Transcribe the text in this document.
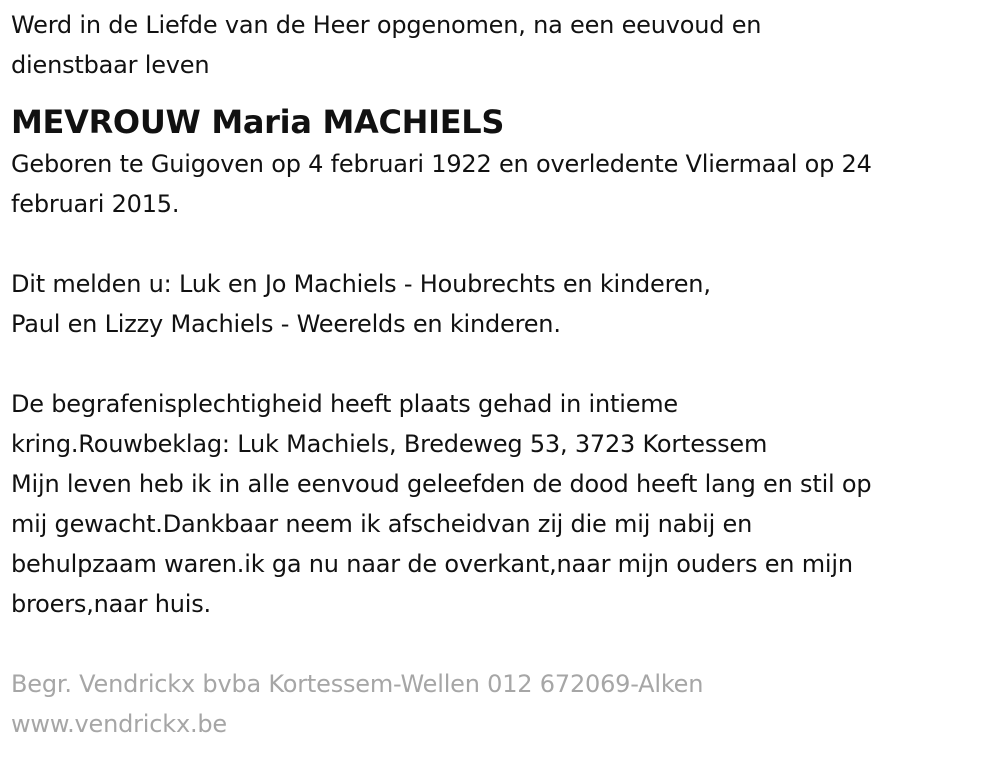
Werd in de Liefde van de Heer opgenomen, na een eeuvoud en
dienstbaar leven
MEVROUW Maria MACHIELS
Geboren te Guigoven op 4 februari 1922 en overledente Vliermaal op 24
februari 2015.
Dit melden u: Luk en Jo Machiels - Houbrechts en kinderen,
Paul en Lizzy Machiels - Weerelds en kinderen.
De begrafenisplechtigheid heeft plaats gehad in intieme
kring.Rouwbeklag: Luk Machiels, Bredeweg 53, 3723 Kortessem
Mijn leven heb ik in alle eenvoud geleefden de dood heeft lang en stil op
mij gewacht.Dankbaar neem ik afscheidvan zij die mij nabij en
behulpzaam waren.ik ga nu naar de overkant,naar mijn ouders en mijn
broers,naar huis.
Begr. Vendrickx bvba Kortessem-Wellen 012 672069-Alken
www.vendrickx.be
